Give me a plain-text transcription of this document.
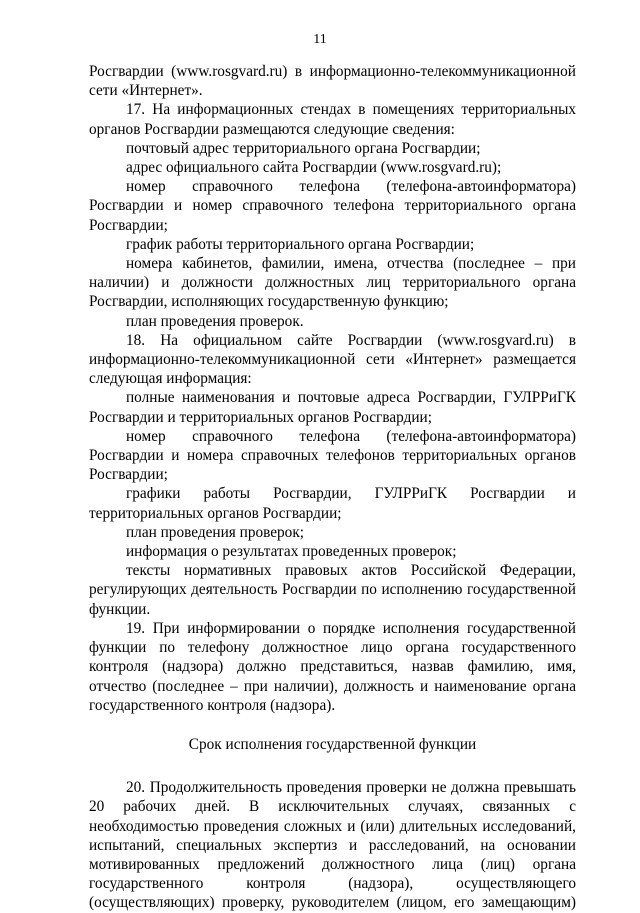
11

Росгвардии (www.rosgvard.ru) в информационно-телекоммуникационной сети «Интернет».

17. На информационных стендах в помещениях территориальных органов Росгвардии размещаются следующие сведения:

почтовый адрес территориального органа Росгвардии;

адрес официального сайта Росгвардии (www.rosgvard.ru);

номер справочного телефона (телефона-автоинформатора) Росгвардии и номер справочного телефона территориального органа Росгвардии;

график работы территориального органа Росгвардии;

номера кабинетов, фамилии, имена, отчества (последнее – при наличии) и должности должностных лиц территориального органа Росгвардии, исполняющих государственную функцию;

план проведения проверок.

18. На официальном сайте Росгвардии (www.rosgvard.ru) в информационно-телекоммуникационной сети «Интернет» размещается следующая информация:

полные наименования и почтовые адреса Росгвардии, ГУЛРРиГК Росгвардии и территориальных органов Росгвардии;

номер справочного телефона (телефона-автоинформатора) Росгвардии и номера справочных телефонов территориальных органов Росгвардии;

графики работы Росгвардии, ГУЛРРиГК Росгвардии и территориальных органов Росгвардии;

план проведения проверок;

информация о результатах проведенных проверок;

тексты нормативных правовых актов Российской Федерации, регулирующих деятельность Росгвардии по исполнению государственной функции.

19. При информировании о порядке исполнения государственной функции по телефону должностное лицо органа государственного контроля (надзора) должно представиться, назвав фамилию, имя, отчество (последнее – при наличии), должность и наименование органа государственного контроля (надзора).

Срок исполнения государственной функции

20. Продолжительность проведения проверки не должна превышать 20 рабочих дней. В исключительных случаях, связанных с необходимостью проведения сложных и (или) длительных исследований, испытаний, специальных экспертиз и расследований, на основании мотивированных предложений должностного лица (лиц) органа государственного контроля (надзора), осуществляющего (осуществляющих) проверку, руководителем (лицом, его замещающим)
